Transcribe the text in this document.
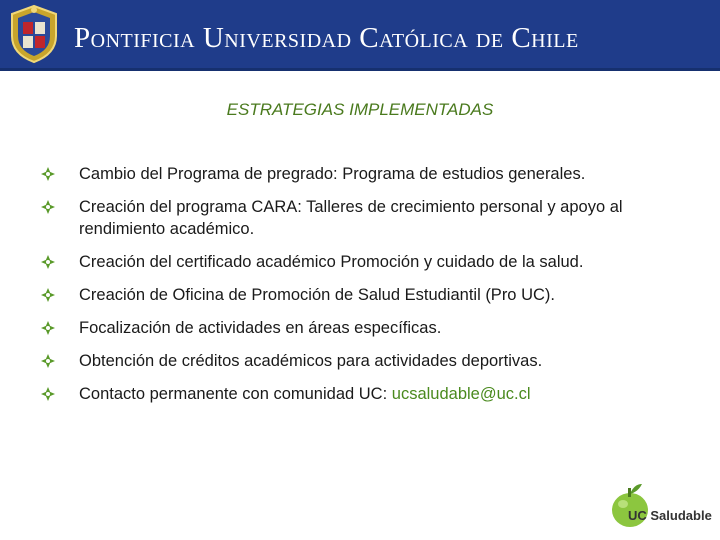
Pontificia Universidad Católica de Chile
ESTRATEGIAS IMPLEMENTADAS
Cambio del Programa de pregrado: Programa de estudios generales.
Creación del programa CARA: Talleres de crecimiento personal y apoyo al rendimiento académico.
Creación del certificado académico Promoción y cuidado de la salud.
Creación de Oficina de Promoción de Salud Estudiantil (Pro UC).
Focalización de actividades en áreas específicas.
Obtención de créditos académicos para actividades deportivas.
Contacto permanente con comunidad UC: ucsaludable@uc.cl
UC Saludable
